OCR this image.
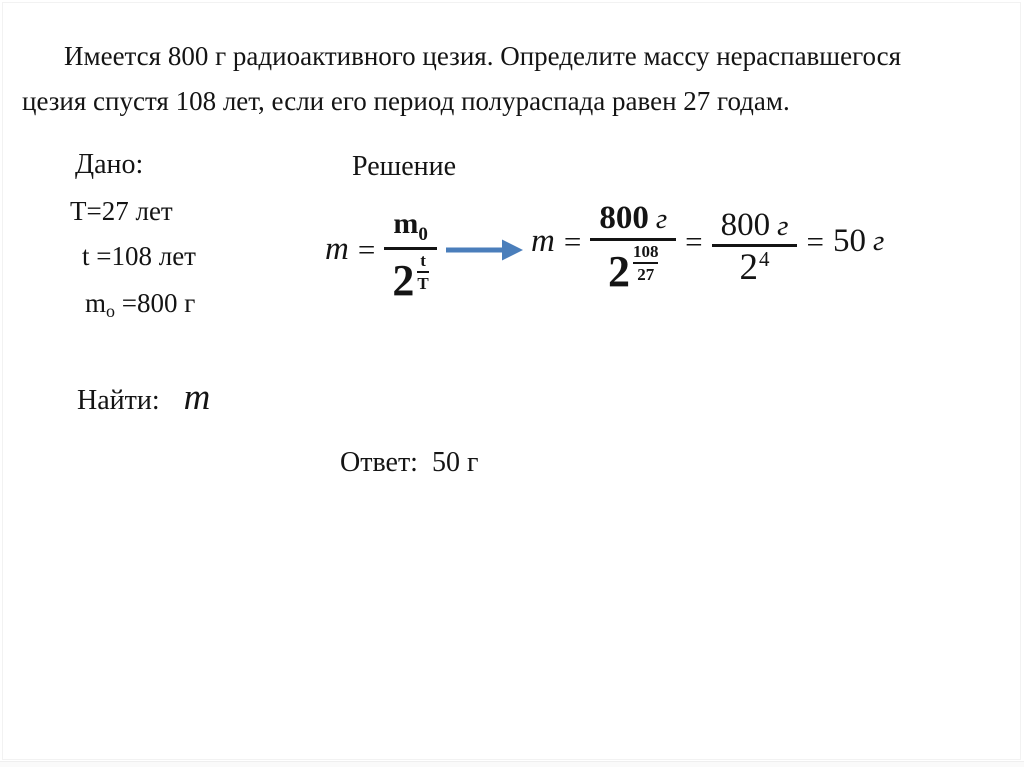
Имеется 800 г радиоактивного цезия. Определите массу нераспавшегося
цезия спустя 108 лет, если его период полураспада равен 27 годам.
Дано:
Т=27 лет
t =108 лет
mo =800 г
Решение
$m = \frac{m_0}{2 \frac{t}{T}}$	$m = \frac{800 г}{2 \frac{108}{27}} = \frac{800 г}{2^4} = 50$ г
Найти: m
Ответ: 50 г
